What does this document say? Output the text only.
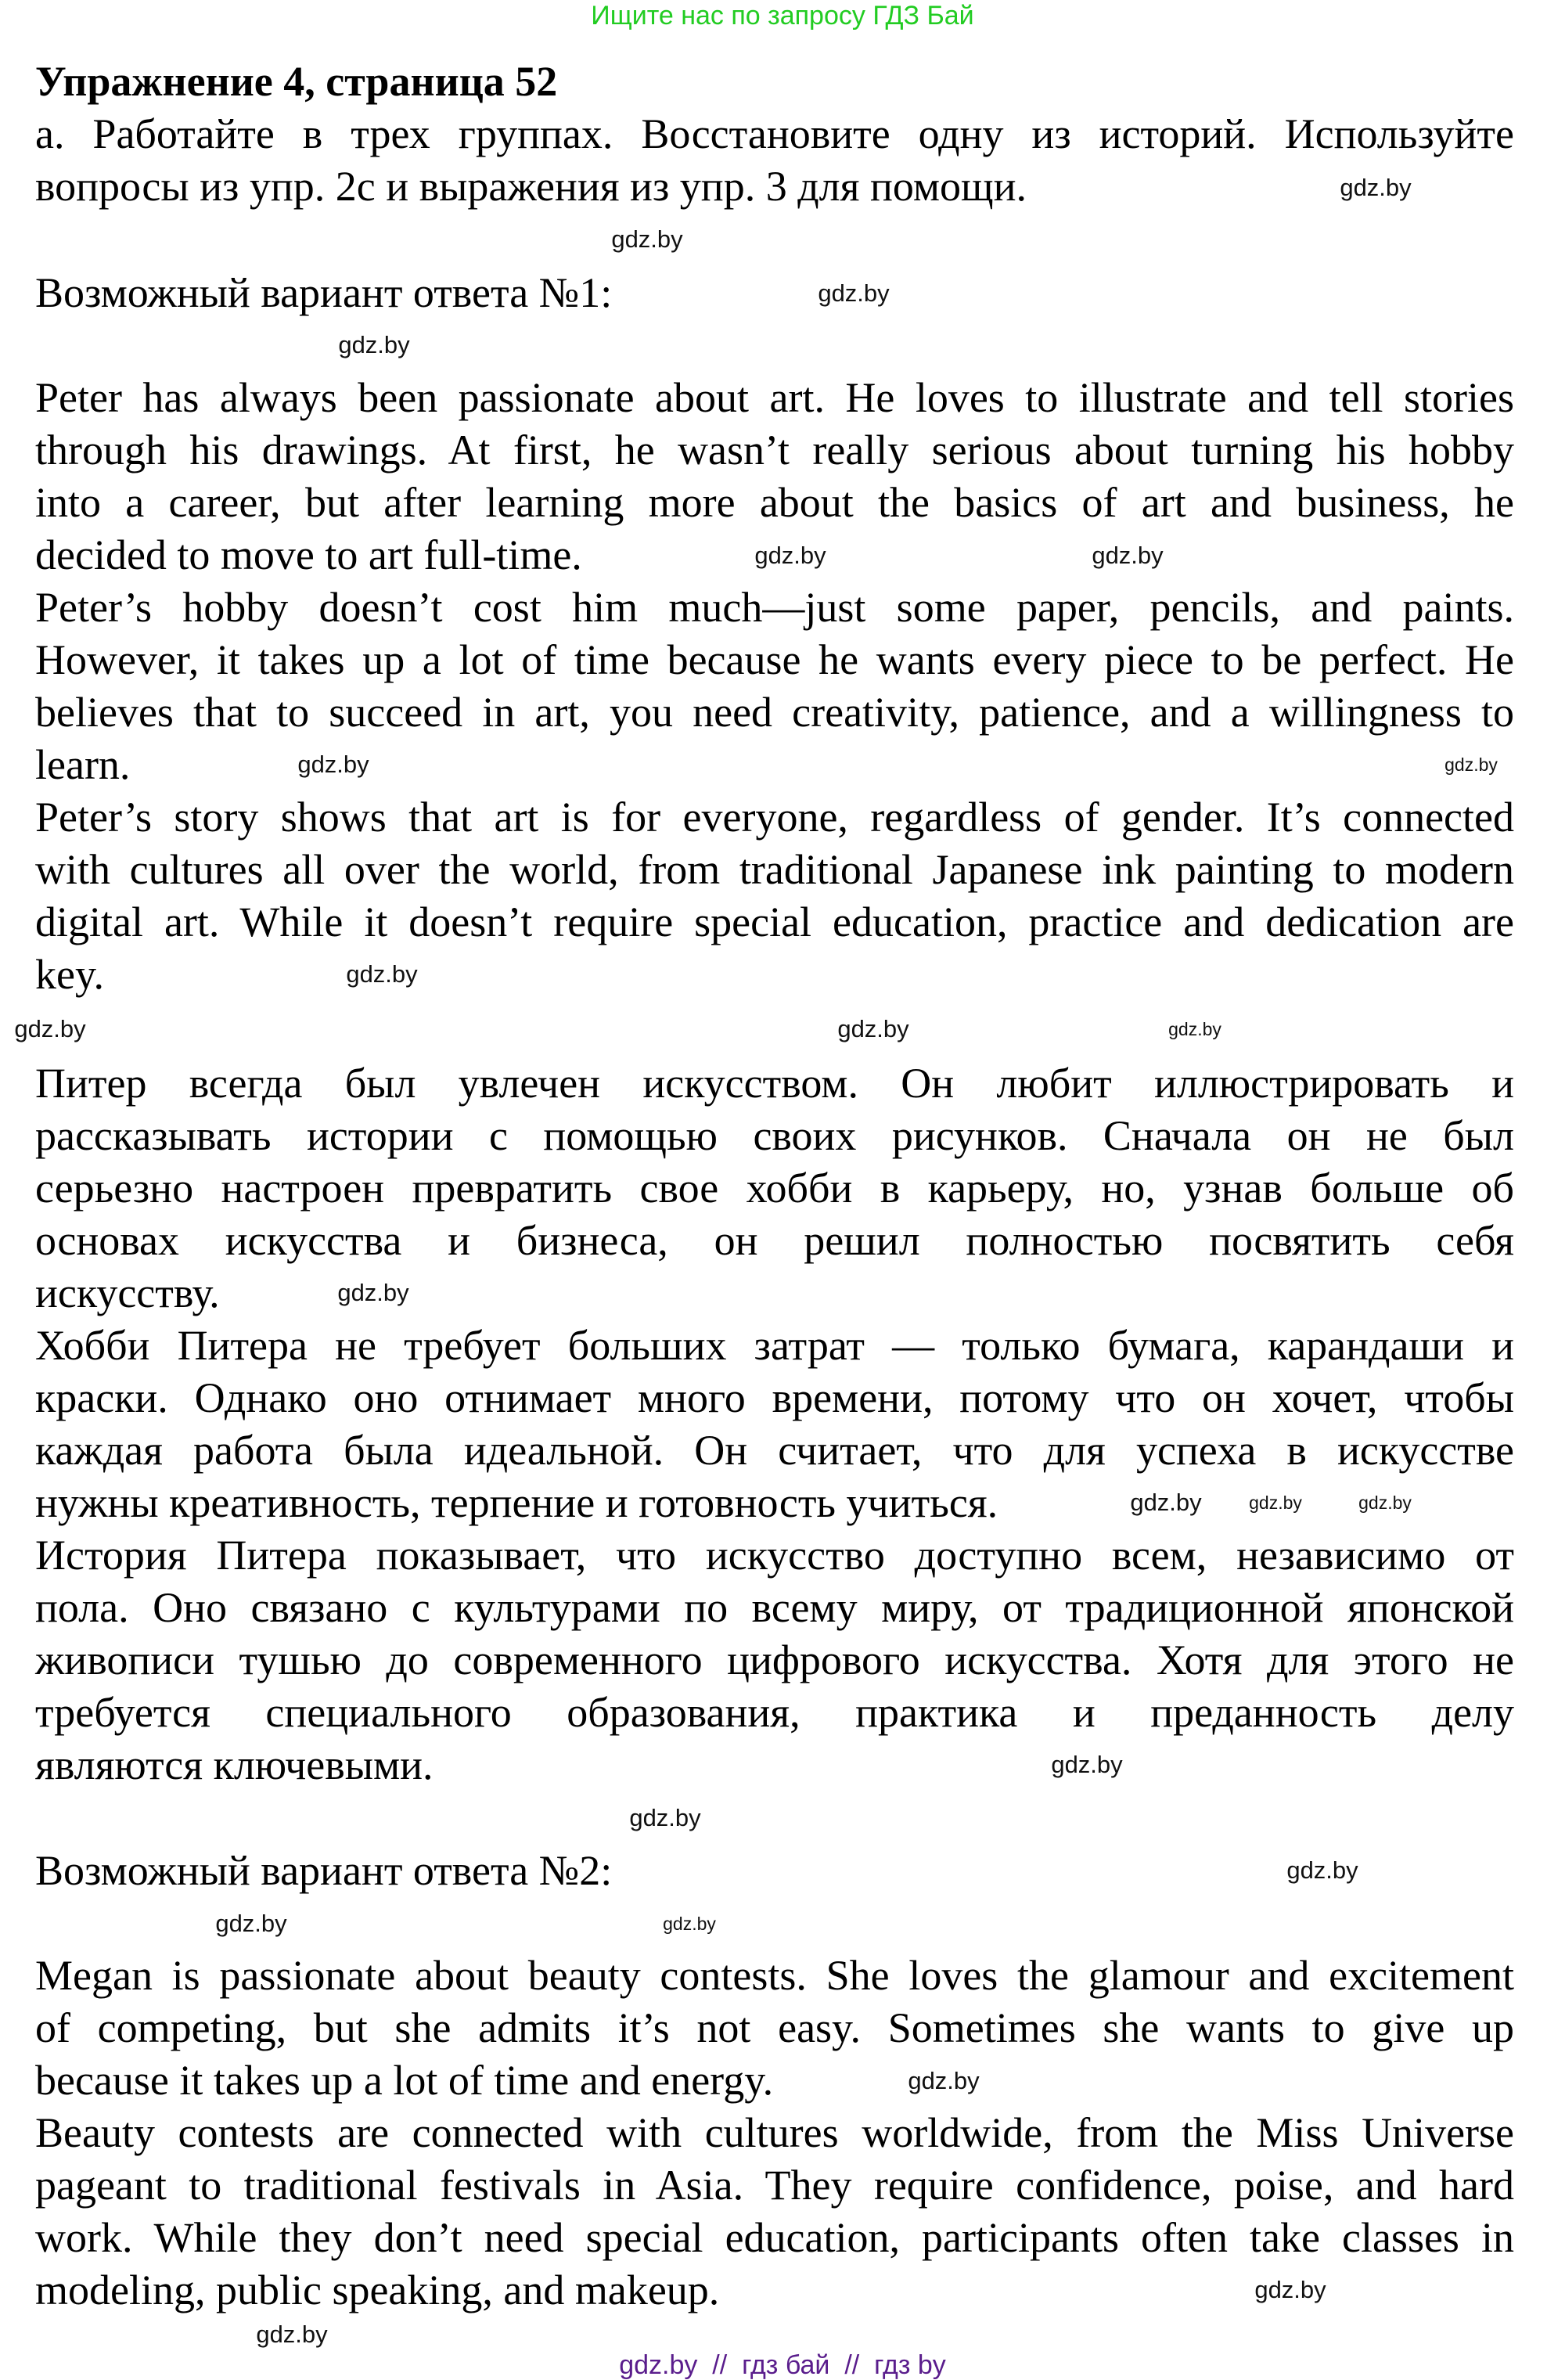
Ищите нас по запросу ГДЗ Бай
Упражнение 4, страница 52
а. Работайте в трех группах. Восстановите одну из историй. Используйте
вопросы из упр. 2с и выражения из упр. 3 для помощи.
Возможный вариант ответа №1:
Peter has always been passionate about art. He loves to illustrate and tell stories
through his drawings. At first, he wasn’t really serious about turning his hobby
into a career, but after learning more about the basics of art and business, he
decided to move to art full-time.
Peter’s hobby doesn’t cost him much—just some paper, pencils, and paints.
However, it takes up a lot of time because he wants every piece to be perfect. He
believes that to succeed in art, you need creativity, patience, and a willingness to
learn.
Peter’s story shows that art is for everyone, regardless of gender. It’s connected
with cultures all over the world, from traditional Japanese ink painting to modern
digital art. While it doesn’t require special education, practice and dedication are
key.
Питер всегда был увлечен искусством. Он любит иллюстрировать и
рассказывать истории с помощью своих рисунков. Сначала он не был
серьезно настроен превратить свое хобби в карьеру, но, узнав больше об
основах искусства и бизнеса, он решил полностью посвятить себя
искусству.
Хобби Питера не требует больших затрат — только бумага, карандаши и
краски. Однако оно отнимает много времени, потому что он хочет, чтобы
каждая работа была идеальной. Он считает, что для успеха в искусстве
нужны креативность, терпение и готовность учиться.
История Питера показывает, что искусство доступно всем, независимо от
пола. Оно связано с культурами по всему миру, от традиционной японской
живописи тушью до современного цифрового искусства. Хотя для этого не
требуется специального образования, практика и преданность делу
являются ключевыми.
Возможный вариант ответа №2:
Megan is passionate about beauty contests. She loves the glamour and excitement
of competing, but she admits it’s not easy. Sometimes she wants to give up
because it takes up a lot of time and energy.
Beauty contests are connected with cultures worldwide, from the Miss Universe
pageant to traditional festivals in Asia. They require confidence, poise, and hard
work. While they don’t need special education, participants often take classes in
modeling, public speaking, and makeup.
gdz.by
gdz.by
gdz.by
gdz.by
gdz.by	gdz.by
gdz.by
gdz.by
gdz.by
gdz.by
gdz.by	gdz.by
gdz.by
gdz.by
gdz.by	gdz.by
gdz.by
gdz.by
gdz.by
gdz.by	gdz.by
gdz.by
gdz.by
gdz.by
gdz.by  //  гдз бай  //  гдз by
